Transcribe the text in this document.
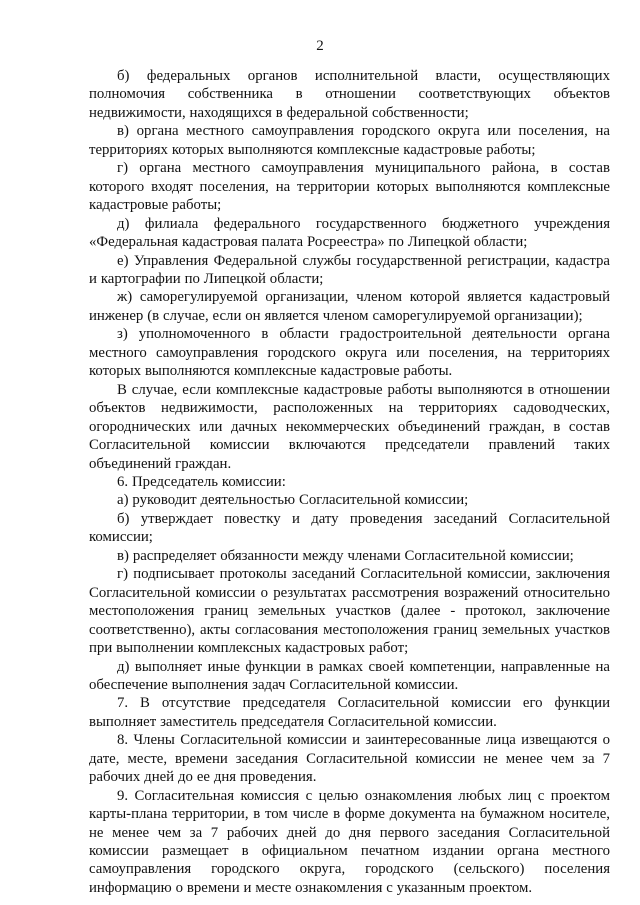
2

б) федеральных органов исполнительной власти, осуществляющих полномочия собственника в отношении соответствующих объектов недвижимости, находящихся в федеральной собственности;

в) органа местного самоуправления городского округа или поселения, на территориях которых выполняются комплексные кадастровые работы;

г) органа местного самоуправления муниципального района, в состав которого входят поселения, на территории которых выполняются комплексные кадастровые работы;

д) филиала федерального государственного бюджетного учреждения «Федеральная кадастровая палата Росреестра» по Липецкой области;

е) Управления Федеральной службы государственной регистрации, кадастра и картографии по Липецкой области;

ж) саморегулируемой организации, членом которой является кадастровый инженер (в случае, если он является членом саморегулируемой организации);

з) уполномоченного в области градостроительной деятельности органа местного самоуправления городского округа или поселения, на территориях которых выполняются комплексные кадастровые работы.

В случае, если комплексные кадастровые работы выполняются в отношении объектов недвижимости, расположенных на территориях садоводческих, огороднических или дачных некоммерческих объединений граждан, в состав Согласительной комиссии включаются председатели правлений таких объединений граждан.

6. Председатель комиссии:

а) руководит деятельностью Согласительной комиссии;

б) утверждает повестку и дату проведения заседаний Согласительной комиссии;

в) распределяет обязанности между членами Согласительной комиссии;

г) подписывает протоколы заседаний Согласительной комиссии, заключения Согласительной комиссии о результатах рассмотрения возражений относительно местоположения границ земельных участков (далее - протокол, заключение соответственно), акты согласования местоположения границ земельных участков при выполнении комплексных кадастровых работ;

д) выполняет иные функции в рамках своей компетенции, направленные на обеспечение выполнения задач Согласительной комиссии.

7. В отсутствие председателя Согласительной комиссии его функции выполняет заместитель председателя Согласительной комиссии.

8. Члены Согласительной комиссии и заинтересованные лица извещаются о дате, месте, времени заседания Согласительной комиссии не менее чем за 7 рабочих дней до ее дня проведения.

9. Согласительная комиссия с целью ознакомления любых лиц с проектом карты-плана территории, в том числе в форме документа на бумажном носителе, не менее чем за 7 рабочих дней до дня первого заседания Согласительной комиссии размещает в официальном печатном издании органа местного самоуправления городского округа, городского (сельского) поселения информацию о времени и месте ознакомления с указанным проектом.
